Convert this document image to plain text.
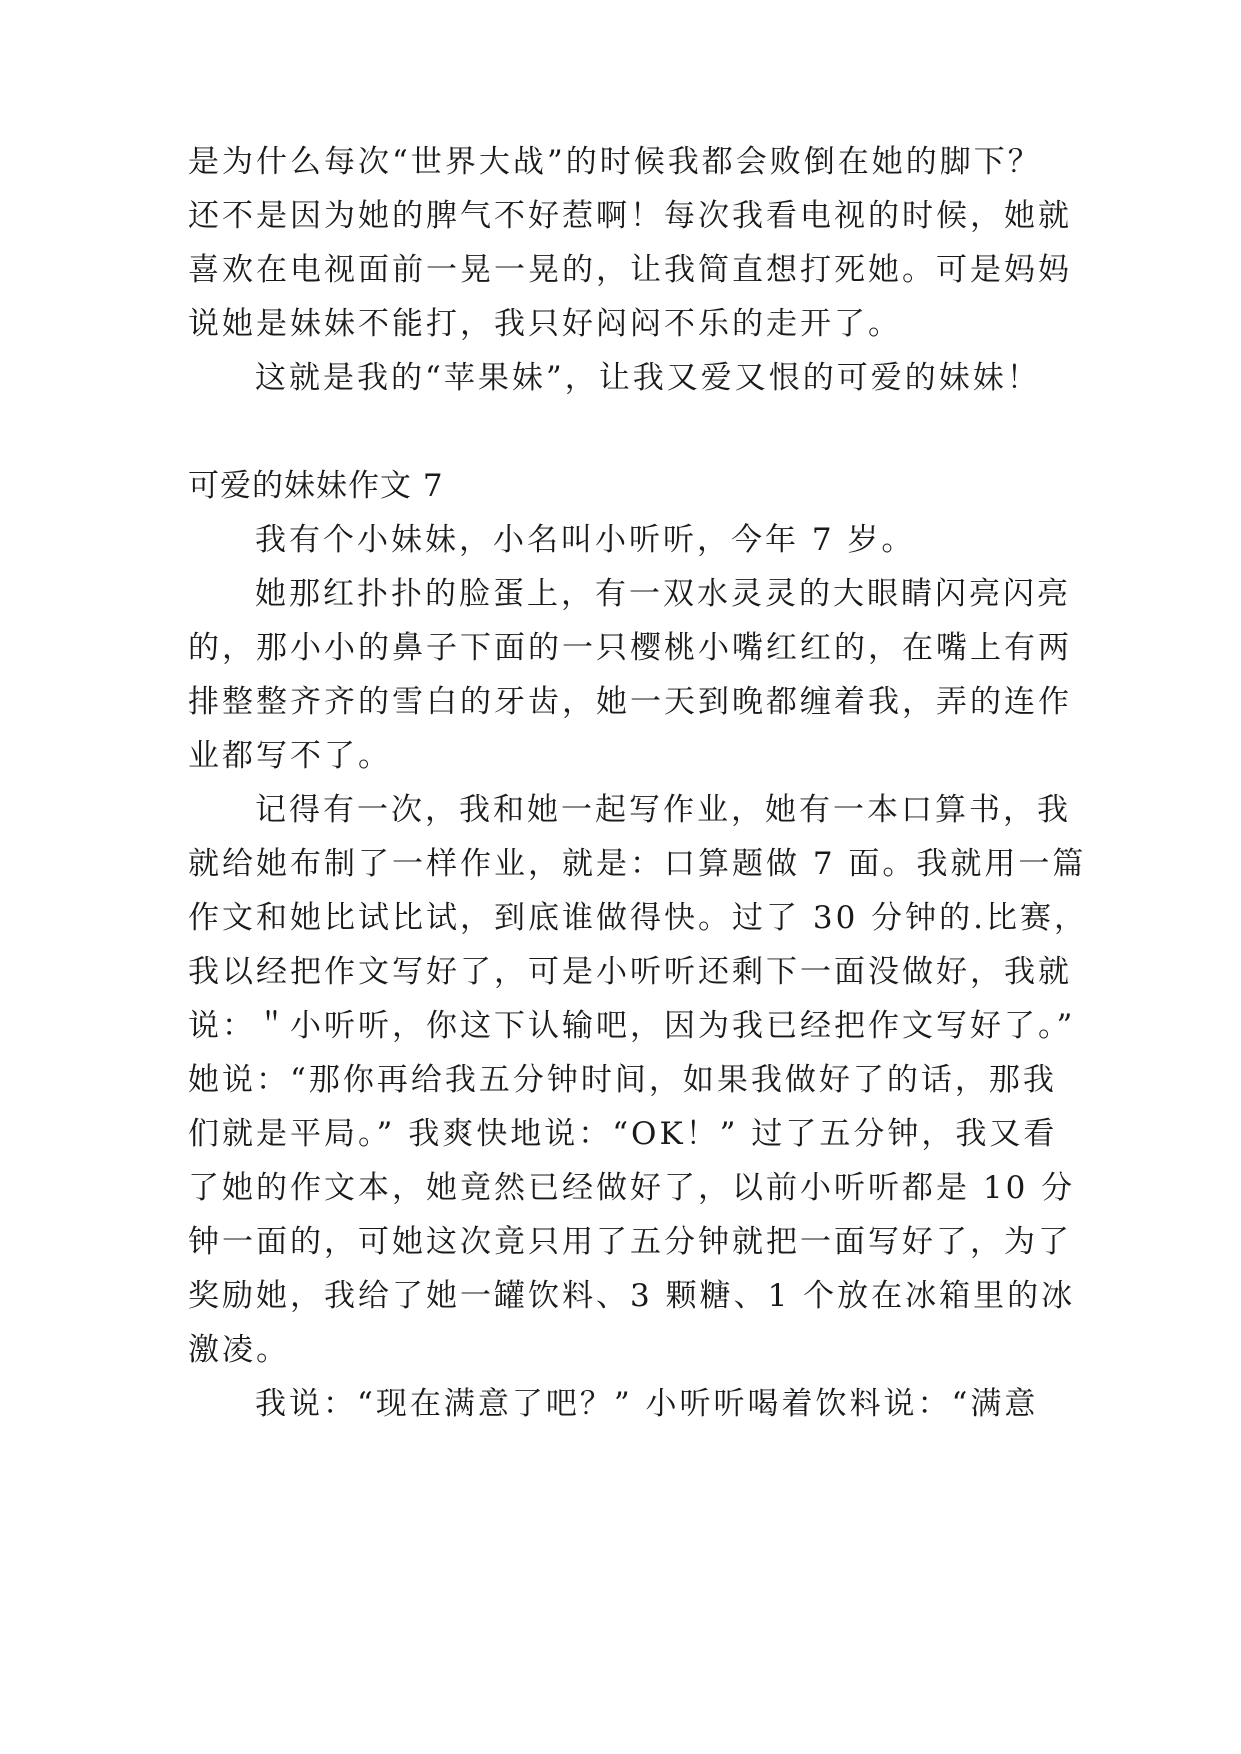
是为什么每次“世界大战”的时候我都会败倒在她的脚下？
还不是因为她的脾气不好惹啊！每次我看电视的时候，她就
喜欢在电视面前一晃一晃的，让我简直想打死她。可是妈妈
说她是妹妹不能打，我只好闷闷不乐的走开了。
这就是我的“苹果妹”，让我又爱又恨的可爱的妹妹！
可爱的妹妹作文 7
我有个小妹妹，小名叫小听听，今年 7 岁。
她那红扑扑的脸蛋上，有一双水灵灵的大眼睛闪亮闪亮
的，那小小的鼻子下面的一只樱桃小嘴红红的，在嘴上有两
排整整齐齐的雪白的牙齿，她一天到晚都缠着我，弄的连作
业都写不了。
记得有一次，我和她一起写作业，她有一本口算书，我
就给她布制了一样作业，就是：口算题做 7 面。我就用一篇
作文和她比试比试，到底谁做得快。过了 30 分钟的.比赛，
我以经把作文写好了，可是小听听还剩下一面没做好，我就
说：＂小听听，你这下认输吧，因为我已经把作文写好了。”
她说：“那你再给我五分钟时间，如果我做好了的话，那我
们就是平局。” 我爽快地说：“OK！” 过了五分钟，我又看
了她的作文本，她竟然已经做好了，以前小听听都是 10 分
钟一面的，可她这次竟只用了五分钟就把一面写好了，为了
奖励她，我给了她一罐饮料、3 颗糖、1 个放在冰箱里的冰
激凌。
我说：“现在满意了吧？” 小听听喝着饮料说：“满意
